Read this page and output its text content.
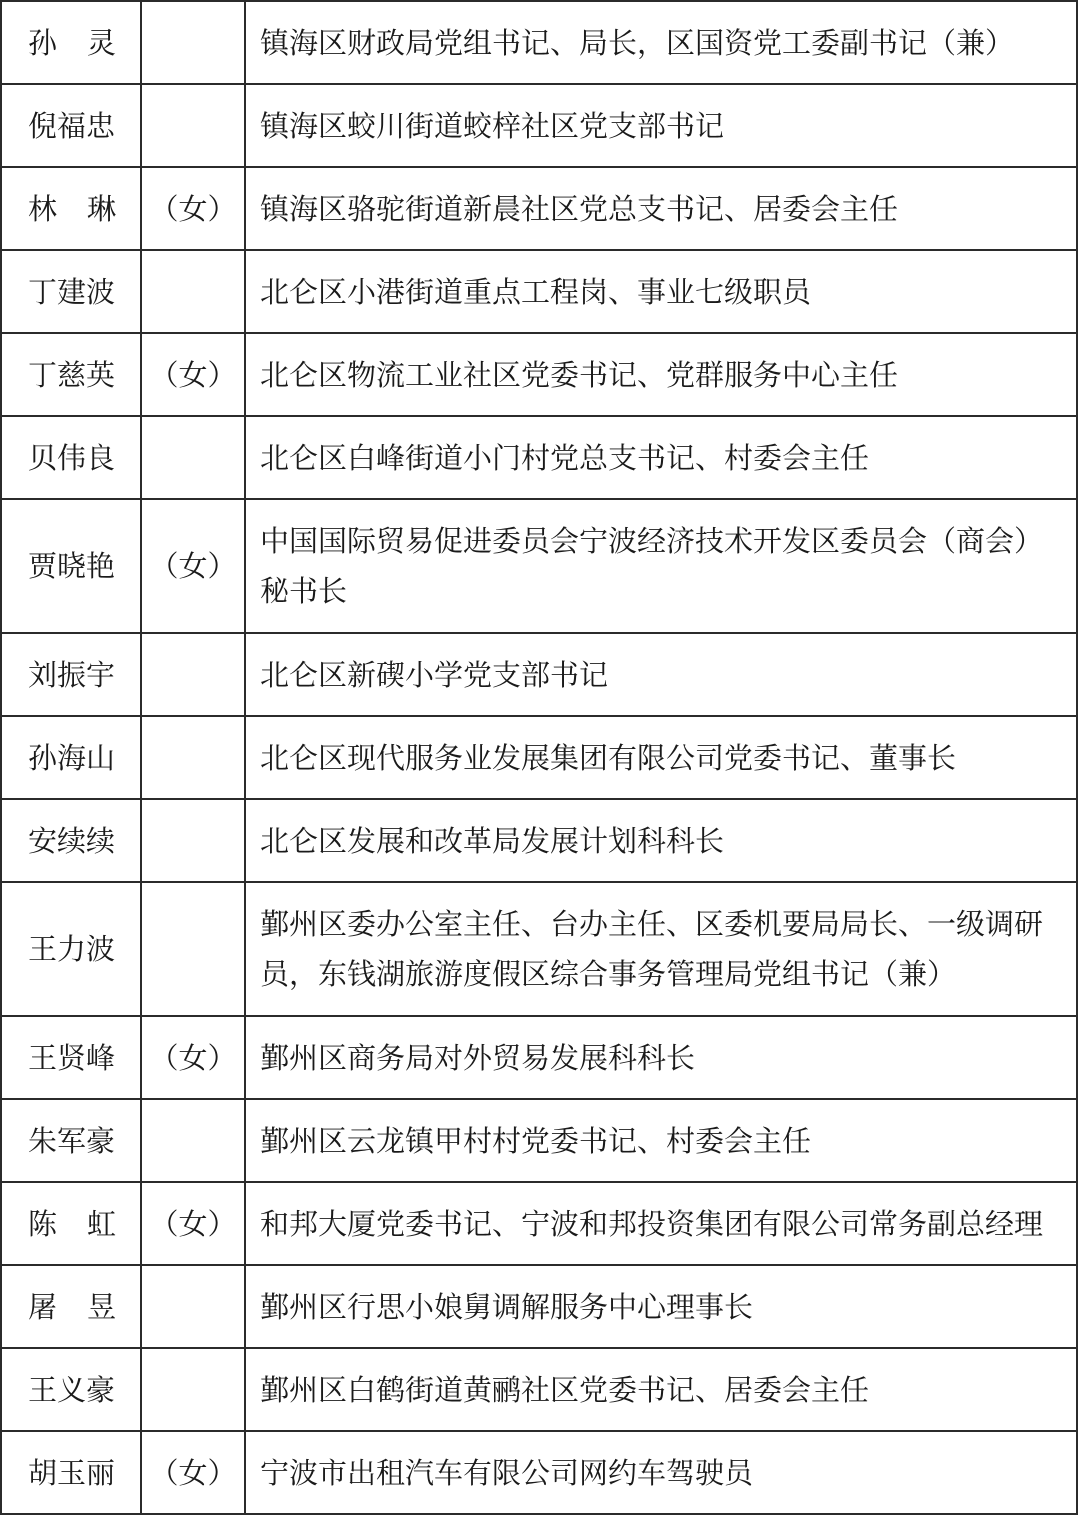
孙灵		镇海区财政局党组书记、局长，区国资党工委副书记（兼）
倪福忠		镇海区蛟川街道蛟梓社区党支部书记
林琳	（女）	镇海区骆驼街道新晨社区党总支书记、居委会主任
丁建波		北仑区小港街道重点工程岗、事业七级职员
丁慈英	（女）	北仑区物流工业社区党委书记、党群服务中心主任
贝伟良		北仑区白峰街道小门村党总支书记、村委会主任
贾晓艳	（女）	中国国际贸易促进委员会宁波经济技术开发区委员会（商会）秘书长
刘振宇		北仑区新碶小学党支部书记
孙海山		北仑区现代服务业发展集团有限公司党委书记、董事长
安续续		北仑区发展和改革局发展计划科科长
王力波		鄞州区委办公室主任、台办主任、区委机要局局长、一级调研员，东钱湖旅游度假区综合事务管理局党组书记（兼）
王贤峰	（女）	鄞州区商务局对外贸易发展科科长
朱军豪		鄞州区云龙镇甲村村党委书记、村委会主任
陈虹	（女）	和邦大厦党委书记、宁波和邦投资集团有限公司常务副总经理
屠昱		鄞州区行思小娘舅调解服务中心理事长
王义豪		鄞州区白鹤街道黄鹂社区党委书记、居委会主任
胡玉丽	（女）	宁波市出租汽车有限公司网约车驾驶员
